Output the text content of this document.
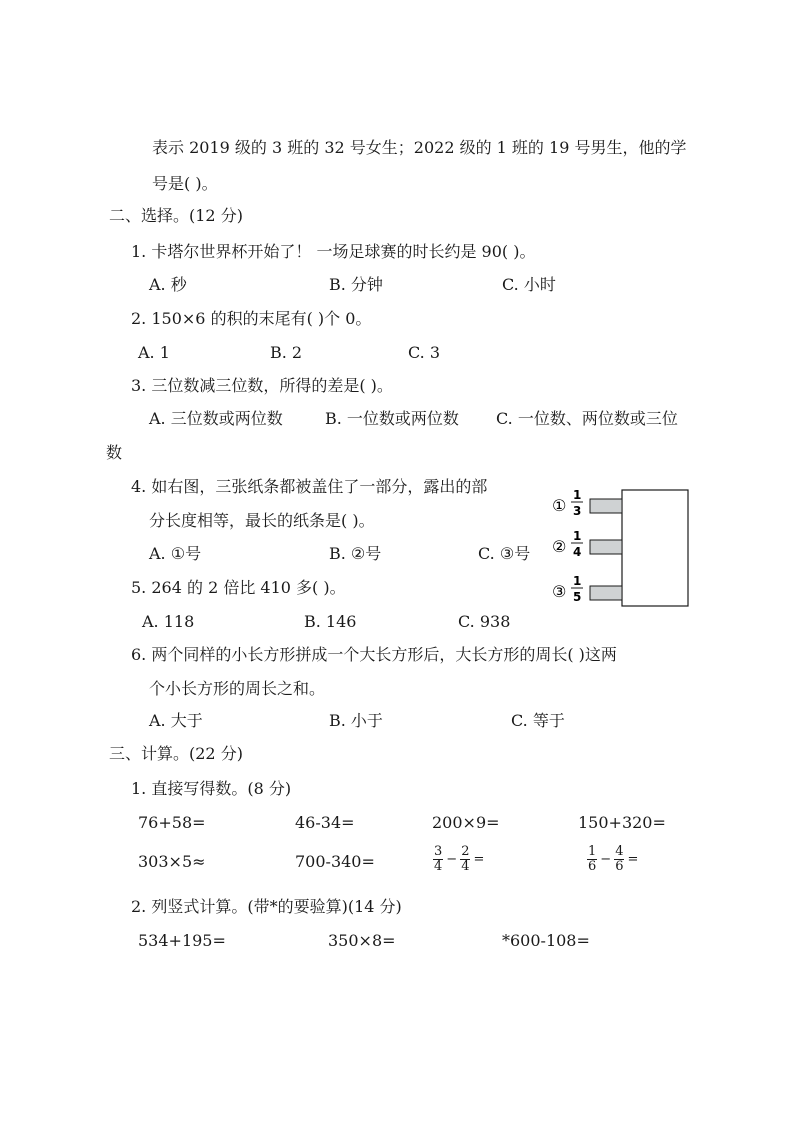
表示 2019 级的 3 班的 32 号女生；2022 级的 1 班的 19 号男生，他的学
号是( )。
二、选择。(12 分)
1. 卡塔尔世界杯开始了！ 一场足球赛的时长约是 90( )。
A. 秒	B. 分钟	C. 小时
2. 150×6 的积的末尾有( )个 0。
A. 1	B. 2	C. 3
3. 三位数减三位数，所得的差是( )。
A. 三位数或两位数	B. 一位数或两位数 C. 一位数、两位数或三位
数
4. 如右图，三张纸条都被盖住了一部分，露出的部
分长度相等，最长的纸条是( )。
A. ①号	B. ②号	C. ③号
5. 264 的 2 倍比 410 多( )。
A. 118	B. 146	C. 938
6. 两个同样的小长方形拼成一个大长方形后，大长方形的周长( )这两
个小长方形的周长之和。
A. 大于	B. 小于	C. 等于
①
1
3
②
1
4
③
1
5
三、计算。(22 分)
1. 直接写得数。(8 分)
76+58=	46-34=	200×9=	150+320=
303×5≈	700-340=	$\frac{3}{4} - \frac{2}{4}$ =	$\frac{1}{6} - \frac{4}{6}$ =
2. 列竖式计算。(带*的要验算)(14 分)
534+195=	350×8=	*600-108=
